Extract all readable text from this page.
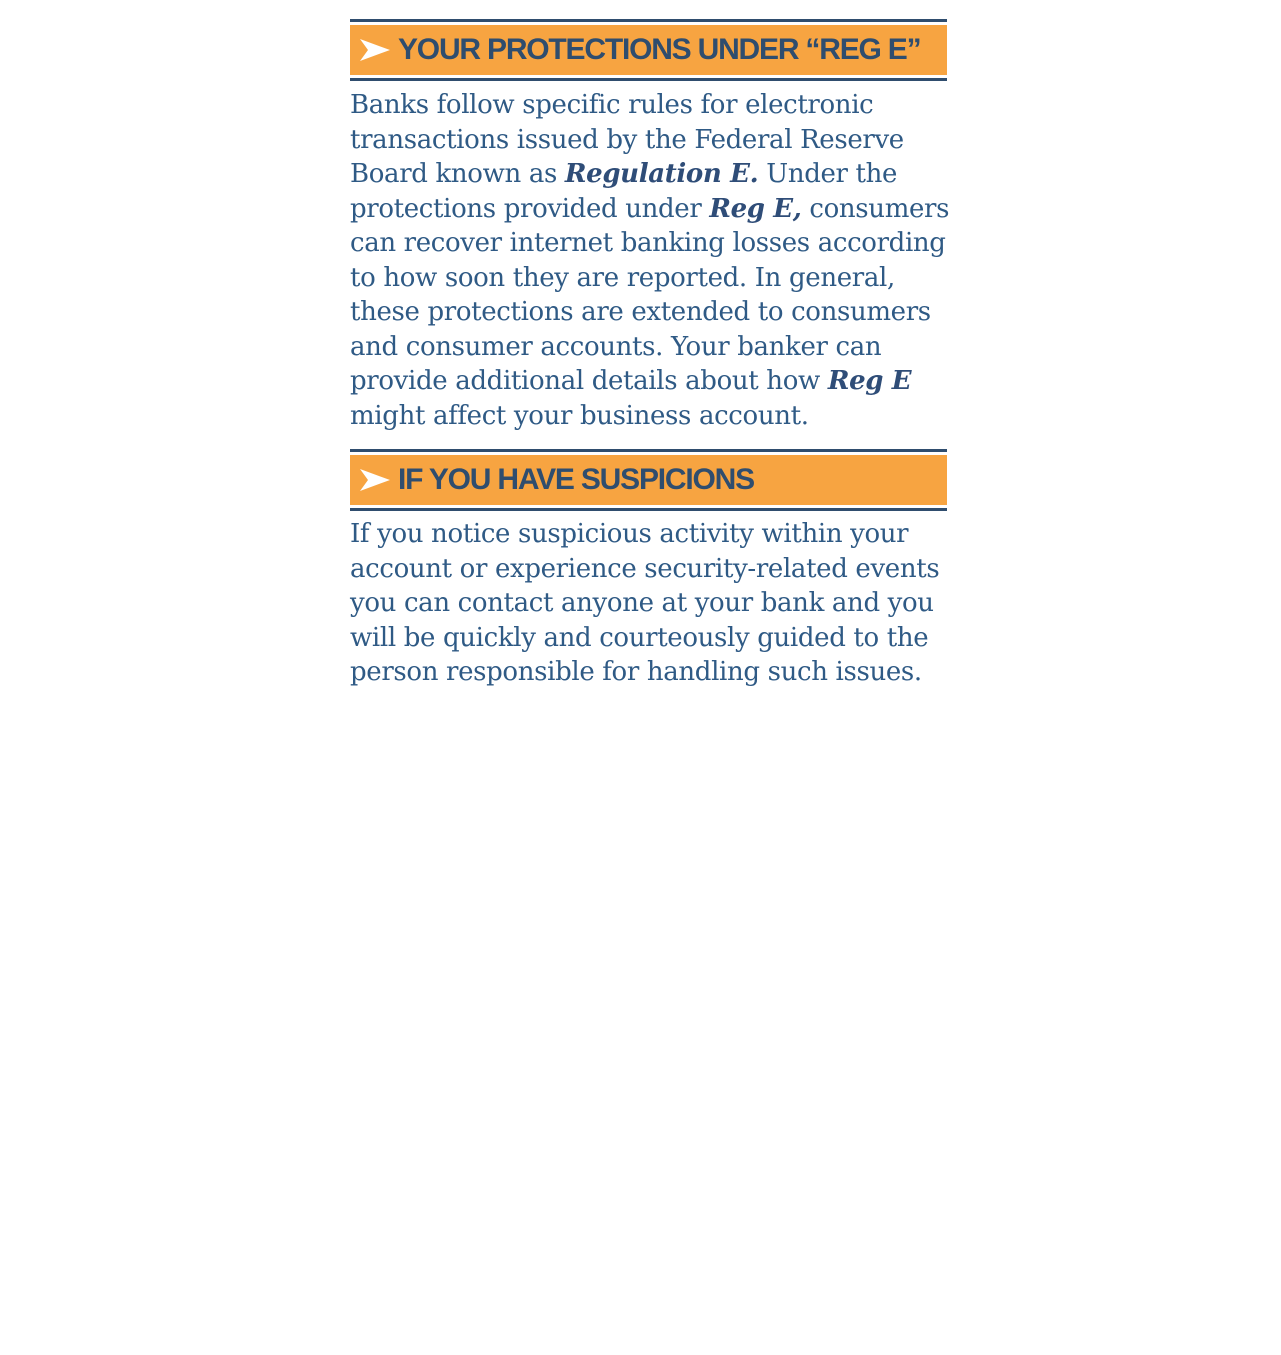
YOUR PROTECTIONS UNDER “REG E”

Banks follow specific rules for electronic transactions issued by the Federal Reserve Board known as Regulation E. Under the protections provided under Reg E, consumers can recover internet banking losses according to how soon they are reported. In general, these protections are extended to consumers and consumer accounts. Your banker can provide additional details about how Reg E might affect your business account.

IF YOU HAVE SUSPICIONS

If you notice suspicious activity within your account or experience security-related events you can contact anyone at your bank and you will be quickly and courteously guided to the person responsible for handling such issues.
